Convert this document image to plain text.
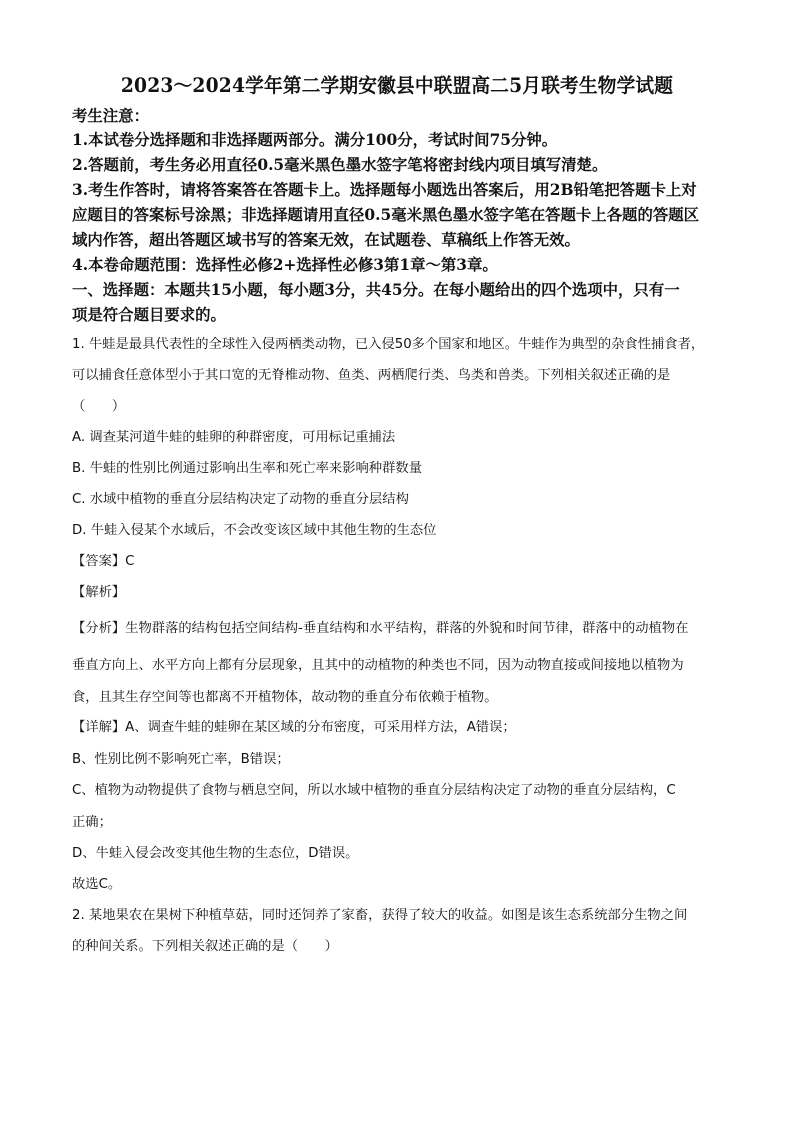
2023～2024学年第二学期安徽县中联盟高二5月联考生物学试题
考生注意：
1.本试卷分选择题和非选择题两部分。满分100分，考试时间75分钟。
2.答题前，考生务必用直径0.5毫米黑色墨水签字笔将密封线内项目填写清楚。
3.考生作答时，请将答案答在答题卡上。选择题每小题选出答案后，用2B铅笔把答题卡上对
应题目的答案标号涂黑；非选择题请用直径0.5毫米黑色墨水签字笔在答题卡上各题的答题区
域内作答，超出答题区域书写的答案无效，在试题卷、草稿纸上作答无效。
4.本卷命题范围：选择性必修2+选择性必修3第1章～第3章。
一、选择题：本题共15小题，每小题3分，共45分。在每小题给出的四个选项中，只有一
项是符合题目要求的。
1. 牛蛙是最具代表性的全球性入侵两栖类动物，已入侵50多个国家和地区。牛蛙作为典型的杂食性捕食者，
可以捕食任意体型小于其口宽的无脊椎动物、鱼类、两栖爬行类、鸟类和兽类。下列相关叙述正确的是
（　　）
A. 调查某河道牛蛙的蛙卵的种群密度，可用标记重捕法
B. 牛蛙的性别比例通过影响出生率和死亡率来影响种群数量
C. 水域中植物的垂直分层结构决定了动物的垂直分层结构
D. 牛蛙入侵某个水域后，不会改变该区域中其他生物的生态位
【答案】C
【解析】
【分析】生物群落的结构包括空间结构-垂直结构和水平结构，群落的外貌和时间节律，群落中的动植物在
垂直方向上、水平方向上都有分层现象，且其中的动植物的种类也不同，因为动物直接或间接地以植物为
食，且其生存空间等也都离不开植物体，故动物的垂直分布依赖于植物。
【详解】A、调查牛蛙的蛙卵在某区域的分布密度，可采用样方法，A错误；
B、性别比例不影响死亡率，B错误；
C、植物为动物提供了食物与栖息空间，所以水域中植物的垂直分层结构决定了动物的垂直分层结构，C
正确；
D、牛蛙入侵会改变其他生物的生态位，D错误。
故选C。
2. 某地果农在果树下种植草菇，同时还饲养了家畜，获得了较大的收益。如图是该生态系统部分生物之间
的种间关系。下列相关叙述正确的是（　　）
